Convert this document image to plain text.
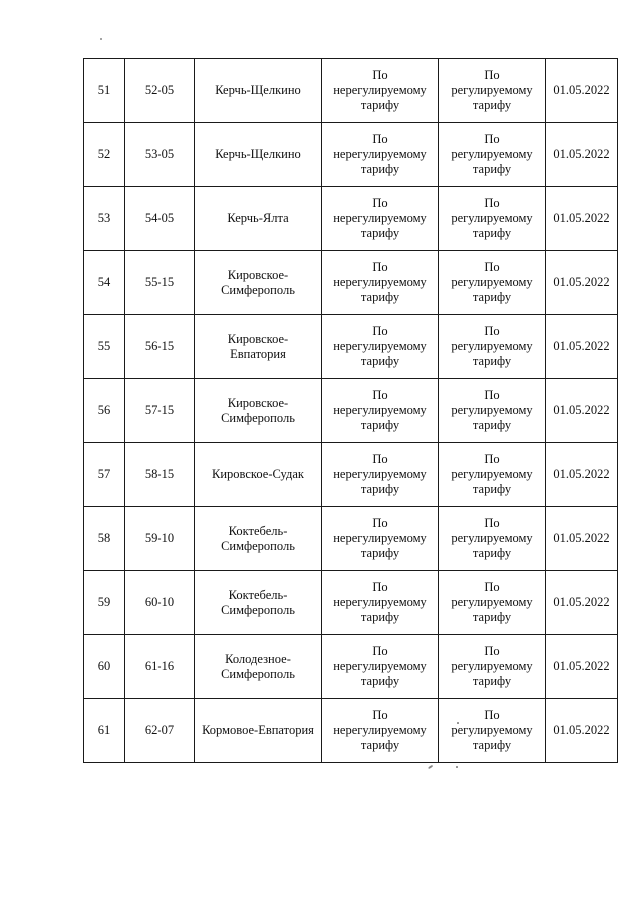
51	52-05	Керчь-Щелкино	По
нерегулируемому
тарифу	По
регулируемому
тарифу	01.05.2022

52	53-05	Керчь-Щелкино	По
нерегулируемому
тарифу	По
регулируемому
тарифу	01.05.2022

53	54-05	Керчь-Ялта	По
нерегулируемому
тарифу	По
регулируемому
тарифу	01.05.2022

54	55-15	Кировское-
Симферополь	По
нерегулируемому
тарифу	По
регулируемому
тарифу	01.05.2022

55	56-15	Кировское-
Евпатория	По
нерегулируемому
тарифу	По
регулируемому
тарифу	01.05.2022

56	57-15	Кировское-
Симферополь	По
нерегулируемому
тарифу	По
регулируемому
тарифу	01.05.2022

57	58-15	Кировское-Судак	По
нерегулируемому
тарифу	По
регулируемому
тарифу	01.05.2022

58	59-10	Коктебель-
Симферополь	По
нерегулируемому
тарифу	По
регулируемому
тарифу	01.05.2022

59	60-10	Коктебель-
Симферополь	По
нерегулируемому
тарифу	По
регулируемому
тарифу	01.05.2022

60	61-16	Колодезное-
Симферополь	По
нерегулируемому
тарифу	По
регулируемому
тарифу	01.05.2022

61	62-07	Кормовое-Евпатория	По
нерегулируемому
тарифу	По
регулируемому
тарифу	01.05.2022
